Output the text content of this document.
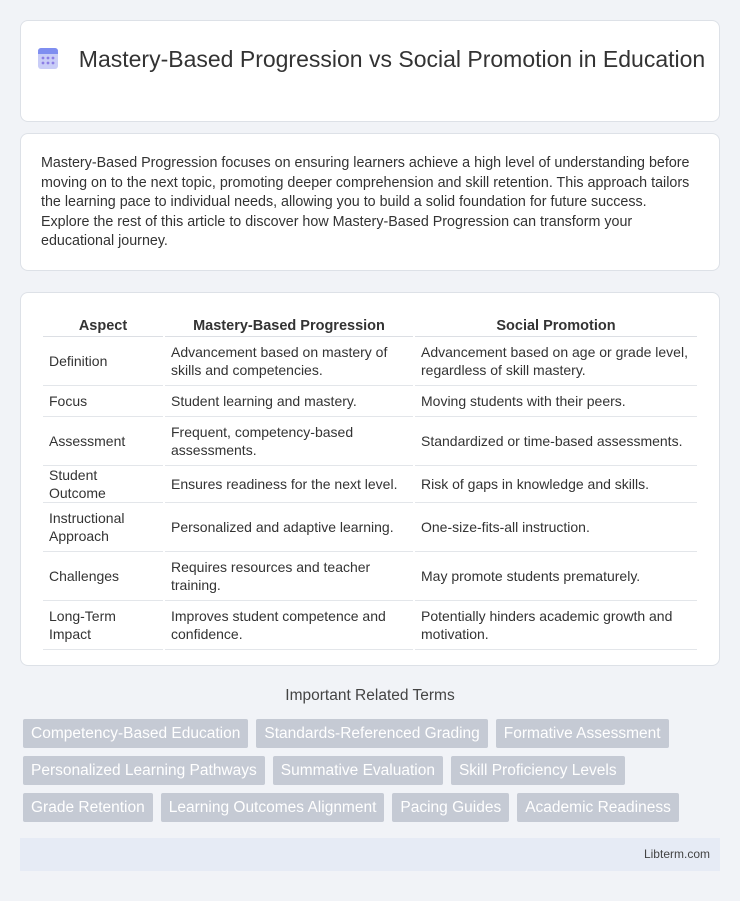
Mastery-Based Progression vs Social Promotion in Education

Mastery-Based Progression focuses on ensuring learners achieve a high level of understanding before moving on to the next topic, promoting deeper comprehension and skill retention. This approach tailors the learning pace to individual needs, allowing you to build a solid foundation for future success. Explore the rest of this article to discover how Mastery-Based Progression can transform your educational journey.

Aspect	Mastery-Based Progression	Social Promotion
Definition	Advancement based on mastery of skills and competencies.	Advancement based on age or grade level, regardless of skill mastery.
Focus	Student learning and mastery.	Moving students with their peers.
Assessment	Frequent, competency-based assessments.	Standardized or time-based assessments.
Student Outcome	Ensures readiness for the next level.	Risk of gaps in knowledge and skills.
Instructional Approach	Personalized and adaptive learning.	One-size-fits-all instruction.
Challenges	Requires resources and teacher training.	May promote students prematurely.
Long-Term Impact	Improves student competence and confidence.	Potentially hinders academic growth and motivation.
Important Related Terms
Competency-Based Education	Standards-Referenced Grading	Formative Assessment
Personalized Learning Pathways	Summative Evaluation	Skill Proficiency Levels
Grade Retention	Learning Outcomes Alignment	Pacing Guides	Academic Readiness
Libterm.com
